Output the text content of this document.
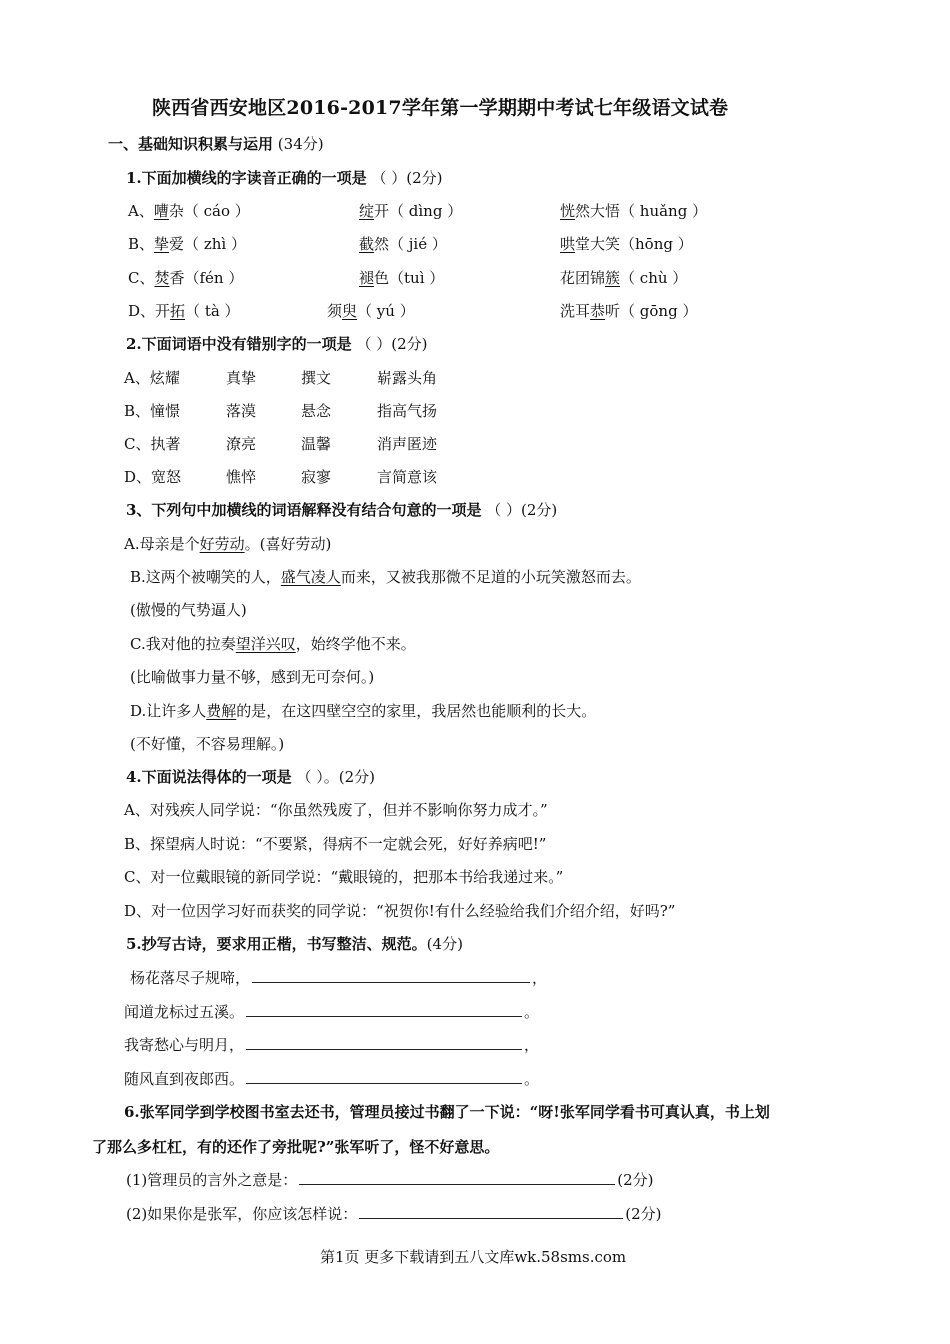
陕西省西安地区2016-2017学年第一学期期中考试七年级语文试卷
一、基础知识积累与运用 (34分)
1.下面加横线的字读音正确的一项是 （ ）(2分)
A、嘈杂（ cáo ）	绽开（ dìng ）	恍然大悟（ huǎng ）
B、挚爱（ zhì ）	截然（ jié ）	哄堂大笑（hōng ）
C、焚香（fén ）	褪色（tuì ）	花团锦簇（ chù ）
D、开拓（ tà ）	须臾（ yú ）	洗耳恭听（ gōng ）
2.下面词语中没有错别字的一项是 （ ）(2分)
A、炫耀	真挚	撰文	崭露头角
B、憧憬	落漠	悬念	指高气扬
C、执著	潦亮	温馨	消声匿迹
D、宽怒	憔悴	寂寥	言简意该
3、下列句中加横线的词语解释没有结合句意的一项是 （ ）(2分)
A.母亲是个好劳动。(喜好劳动)
B.这两个被嘲笑的人，盛气凌人而来，又被我那微不足道的小玩笑激怒而去。
(傲慢的气势逼人)
C.我对他的拉奏望洋兴叹，始终学他不来。
(比喻做事力量不够，感到无可奈何。)
D.让许多人费解的是，在这四壁空空的家里，我居然也能顺利的长大。
(不好懂，不容易理解。)
4.下面说法得体的一项是 （ ）。(2分)
A、对残疾人同学说：“你虽然残废了，但并不影响你努力成才。”
B、探望病人时说：“不要紧，得病不一定就会死，好好养病吧!”
C、对一位戴眼镜的新同学说：“戴眼镜的，把那本书给我递过来。”
D、对一位因学习好而获奖的同学说：“祝贺你!有什么经验给我们介绍介绍，好吗?”
5.抄写古诗，要求用正楷，书写整洁、规范。(4分)
杨花落尽子规啼，	，
闻道龙标过五溪。	。
我寄愁心与明月，	，
随风直到夜郎西。	。
6.张军同学到学校图书室去还书，管理员接过书翻了一下说：“呀!张军同学看书可真认真，书上划
了那么多杠杠，有的还作了旁批呢?”张军听了，怪不好意思。
(1)管理员的言外之意是：	(2分)
(2)如果你是张军，你应该怎样说：	(2分)
第1页 更多下载请到五八文库wk.58sms.com
